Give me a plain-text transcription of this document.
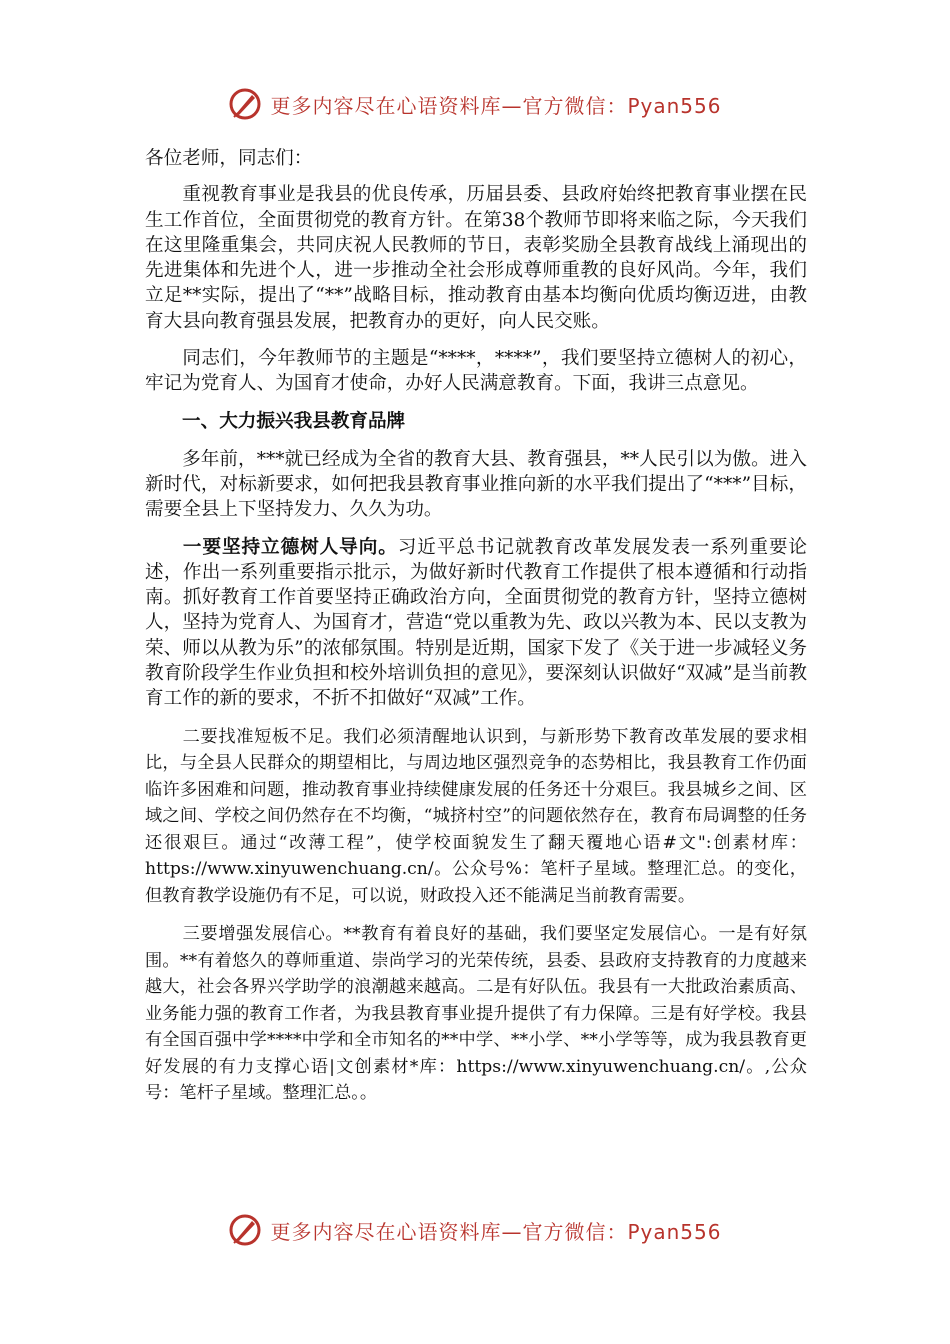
更多内容尽在心语资料库—官方微信：Pyan556

各位老师，同志们：

重视教育事业是我县的优良传承，历届县委、县政府始终把教育事业摆在民生工作首位，全面贯彻党的教育方针。在第38个教师节即将来临之际，今天我们在这里隆重集会，共同庆祝人民教师的节日，表彰奖励全县教育战线上涌现出的先进集体和先进个人，进一步推动全社会形成尊师重教的良好风尚。今年，我们立足**实际，提出了“**”战略目标，推动教育由基本均衡向优质均衡迈进，由教育大县向教育强县发展，把教育办的更好，向人民交账。

同志们，今年教师节的主题是“****，****”，我们要坚持立德树人的初心，牢记为党育人、为国育才使命，办好人民满意教育。下面，我讲三点意见。

一、大力振兴我县教育品牌

多年前，***就已经成为全省的教育大县、教育强县，**人民引以为傲。进入新时代，对标新要求，如何把我县教育事业推向新的水平我们提出了“***”目标，需要全县上下坚持发力、久久为功。

一要坚持立德树人导向。习近平总书记就教育改革发展发表一系列重要论述，作出一系列重要指示批示，为做好新时代教育工作提供了根本遵循和行动指南。抓好教育工作首要坚持正确政治方向，全面贯彻党的教育方针，坚持立德树人，坚持为党育人、为国育才，营造“党以重教为先、政以兴教为本、民以支教为荣、师以从教为乐”的浓郁氛围。特别是近期，国家下发了《关于进一步减轻义务教育阶段学生作业负担和校外培训负担的意见》，要深刻认识做好“双减”是当前教育工作的新的要求，不折不扣做好“双减”工作。

二要找准短板不足。我们必须清醒地认识到，与新形势下教育改革发展的要求相比，与全县人民群众的期望相比，与周边地区强烈竞争的态势相比，我县教育工作仍面临许多困难和问题，推动教育事业持续健康发展的任务还十分艰巨。我县城乡之间、区域之间、学校之间仍然存在不均衡，“城挤村空”的问题依然存在，教育布局调整的任务还很艰巨。通过“改薄工程”，使学校面貌发生了翻天覆地心语#文":创素材库：https://www.xinyuwenchuang.cn/。公众号%：笔杆子星域。整理汇总。的变化，但教育教学设施仍有不足，可以说，财政投入还不能满足当前教育需要。

三要增强发展信心。**教育有着良好的基础，我们要坚定发展信心。一是有好氛围。**有着悠久的尊师重道、崇尚学习的光荣传统，县委、县政府支持教育的力度越来越大，社会各界兴学助学的浪潮越来越高。二是有好队伍。我县有一大批政治素质高、业务能力强的教育工作者，为我县教育事业提升提供了有力保障。三是有好学校。我县有全国百强中学****中学和全市知名的**中学、**小学、**小学等等，成为我县教育更好发展的有力支撑心语|文创素材*库：https://www.xinyuwenchuang.cn/。,公众号：笔杆子星域。整理汇总。。

更多内容尽在心语资料库—官方微信：Pyan556
